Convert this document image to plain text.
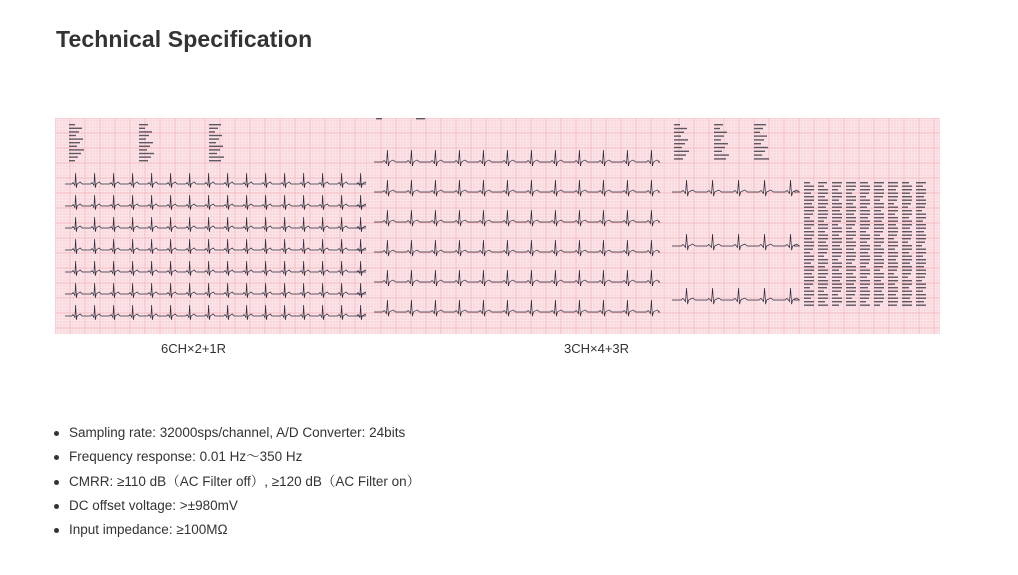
Technical Specification
6CH×2+1R	3CH×4+3R
Sampling rate: 32000sps/channel, A/D Converter: 24bits
Frequency response: 0.01 Hz～350 Hz
CMRR: ≥110 dB（AC Filter off）, ≥120 dB（AC Filter on）
DC offset voltage: >±980mV
Input impedance: ≥100MΩ
